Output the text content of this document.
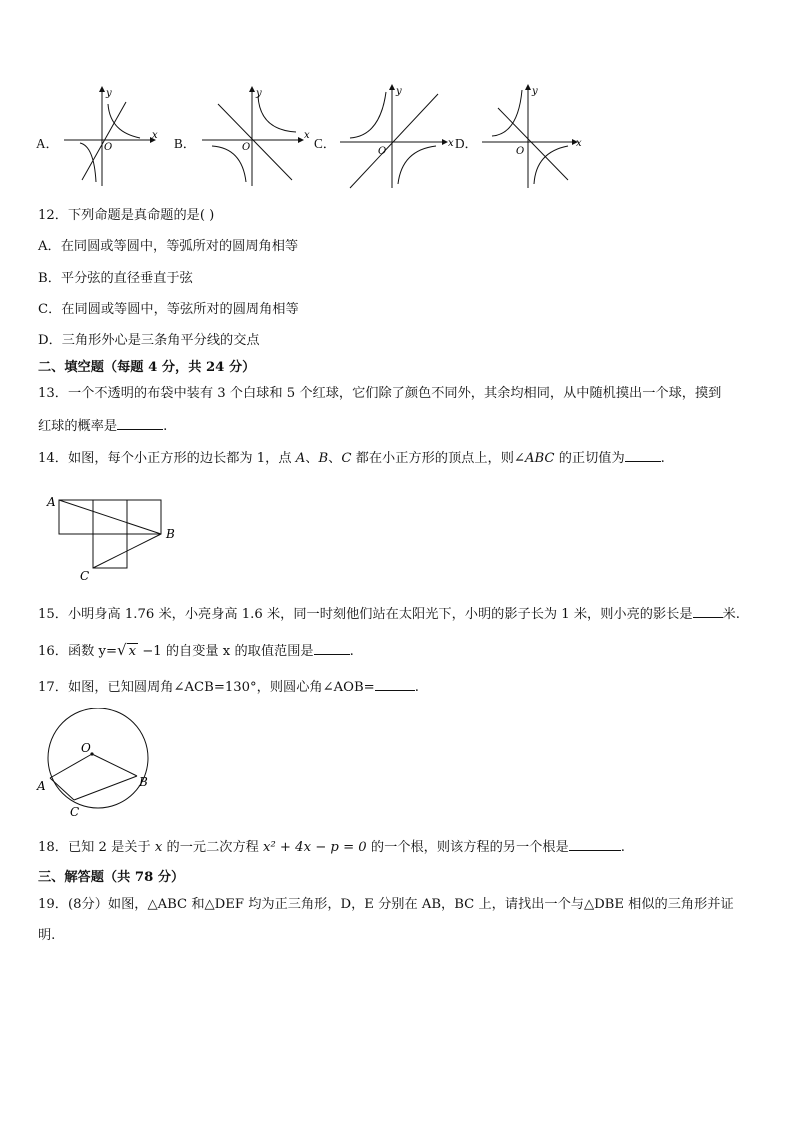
A．
y
x
O	B．
y
x
O	C．
y
x
O
D．
y
x
O
12．下列命题是真命题的是( )
A．在同圆或等圆中，等弧所对的圆周角相等
B．平分弦的直径垂直于弦
C．在同圆或等圆中，等弦所对的圆周角相等
D．三角形外心是三条角平分线的交点
二、填空题（每题 4 分，共 24 分）
13．一个不透明的布袋中装有 3 个白球和 5 个红球，它们除了颜色不同外，其余均相同，从中随机摸出一个球，摸到
红球的概率是	.
14．如图，每个小正方形的边长都为 1，点 A、B、C 都在小正方形的顶点上，则∠ABC 的正切值为	.
A
B
C
15．小明身高 1.76 米，小亮身高 1.6 米，同一时刻他们站在太阳光下，小明的影子长为 1 米，则小亮的影长是 米.
16．函数 y=√ x −1 的自变量 x 的取值范围是	.
17．如图，已知圆周角∠ACB=130°，则圆心角∠AOB=	.
O
A	B
C
18．已知 2 是关于 x 的一元二次方程 x² + 4x − p = 0 的一个根，则该方程的另一个根是	.
三、解答题（共 78 分）
19．(8分）如图，△ABC 和△DEF 均为正三角形，D，E 分别在 AB，BC 上，请找出一个与△DBE 相似的三角形并证
明.
